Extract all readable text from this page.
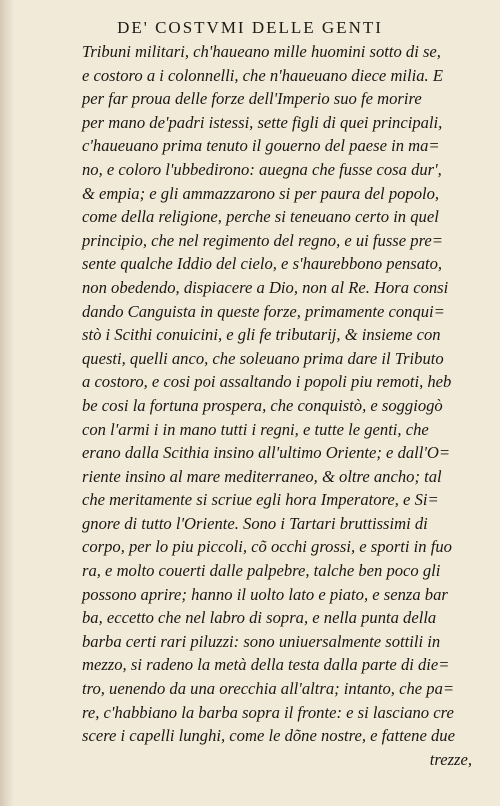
DE' COSTVMI DELLE GENTI
Tribuni militari, ch'haueano mille huomini sotto di se,
e costoro a i colonnelli, che n'haueuano diece milia. E
per far proua delle forze dell'Imperio suo fe morire
per mano de'padri istessi, sette figli di quei principali,
c'haueuano prima tenuto il gouerno del paese in ma=
no, e coloro l'ubbedirono: auegna che fusse cosa dur',
& empia; e gli ammazzarono si per paura del popolo,
come della religione, perche si teneuano certo in quel
principio, che nel regimento del regno, e ui fusse pre=
sente qualche Iddio del cielo, e s'haurebbono pensato,
non obedendo, dispiacere a Dio, non al Re. Hora consi
dando Canguista in queste forze, primamente conqui=
stò i Scithi conuicini, e gli fe tributarij, & insieme con
questi, quelli anco, che soleuano prima dare il Tributo
a costoro, e cosi poi assaltando i popoli piu remoti, heb
be cosi la fortuna prospera, che conquistò, e soggiogò
con l'armi i in mano tutti i regni, e tutte le genti, che
erano dalla Scithia insino all'ultimo Oriente; e dall'O=
riente insino al mare mediterraneo, & oltre ancho; tal
che meritamente si scriue egli hora Imperatore, e Si=
gnore di tutto l'Oriente. Sono i Tartari bruttissimi di
corpo, per lo piu piccoli, cõ occhi grossi, e sporti in fuo
ra, e molto couerti dalle palpebre, talche ben poco gli
possono aprire; hanno il uolto lato e piato, e senza bar
ba, eccetto che nel labro di sopra, e nella punta della
barba certi rari piluzzi: sono uniuersalmente sottili in
mezzo, si radeno la metà della testa dalla parte di die=
tro, uenendo da una orecchia all'altra; intanto, che pa=
re, c'habbiano la barba sopra il fronte: e si lasciano cre
scere i capelli lunghi, come le dõne nostre, e fattene due
trezze,
